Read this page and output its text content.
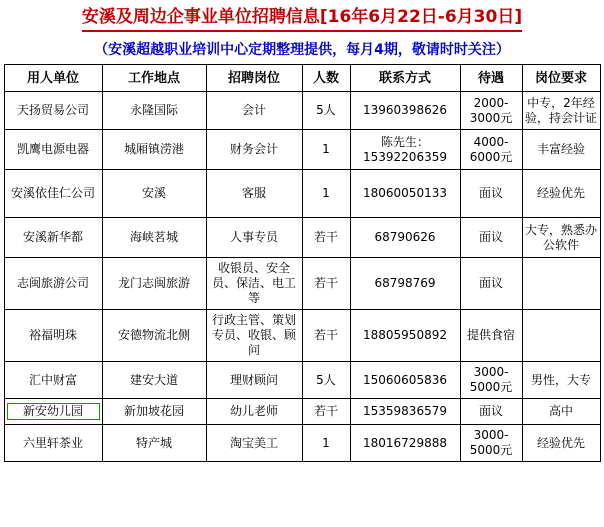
安溪及周边企事业单位招聘信息[16年6月22日-6月30日]
（安溪超越职业培训中心定期整理提供，每月4期，敬请时时关注）
用人单位	工作地点	招聘岗位	人数	联系方式	待遇	岗位要求
天扬贸易公司	永隆国际	会计	5人	13960398626	2000-3000元	中专，2年经验，持会计证
凯鹰电源电器	城厢镇涝港	财务会计	1	陈先生：15392206359	4000-6000元	丰富经验
安溪依佳仁公司	安溪	客服	1	18060050133	面议	经验优先
安溪新华都	海峡茗城	人事专员	若干	68790626	面议	大专，熟悉办公软件
志闽旅游公司	龙门志闽旅游	收银员、安全员、保洁、电工等	若干	68798769	面议	
裕福明珠	安德物流北侧	行政主管、策划专员、收银、顾问	若干	18805950892	提供食宿	
汇中财富	建安大道	理财顾问	5人	15060605836	3000-5000元	男性，大专

新安幼儿园	新加坡花园	幼儿老师	若干	15359836579	面议	高中
六里轩茶业	特产城	淘宝美工	1	18016729888	3000-5000元	经验优先
